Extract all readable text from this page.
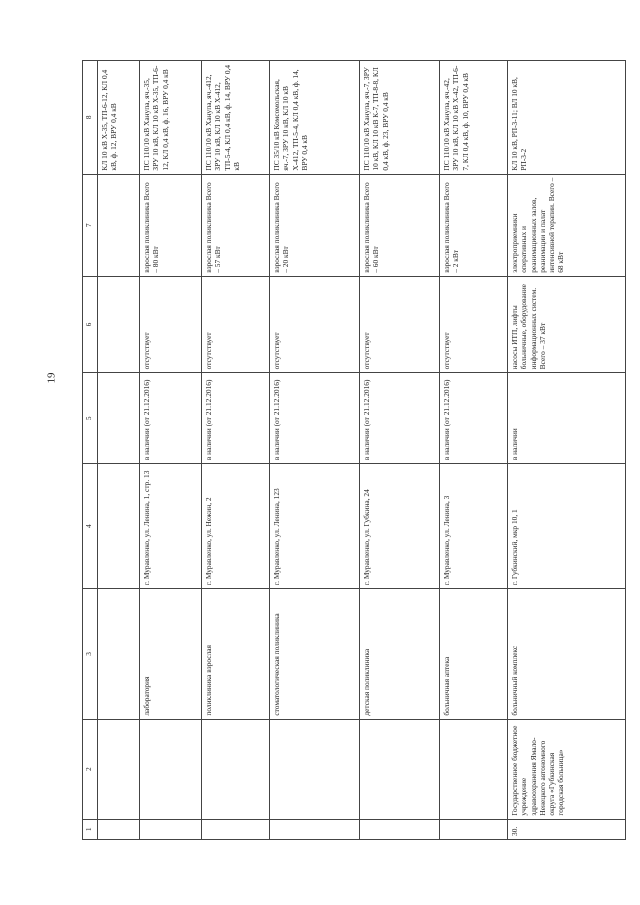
19
1	2	3	4	5	6	7	8
							КЛ 10 кВ Х-35, ТП-6-12, КЛ 0,4 кВ, ф. 12, ВРУ 0,4 кВ
		лаборатория	г. Муравленко, ул. Ленина, 1, стр. 13	в наличии (от 21.12.2016)	отсутствует	взрослая поликлиника Всего – 80 кВт	ПС 110/10 кВ Ханупа, яч.-35, ЗРУ 10 кВ, КЛ 10 кВ Х-35, ТП-6-12, КЛ 0,4 кВ, ф. 16, ВРУ 0,4 кВ
		поликлиника взрослая	г. Муравленко, ул. Нежин, 2	в наличии (от 21.12.2016)	отсутствует	взрослая поликлиника Всего – 57 кВт	ПС 110/10 кВ Ханупа, яч.-412, ЗРУ 10 кВ, КЛ 10 кВ Х-412, ТП-5-4, КЛ 0,4 кВ, ф. 14, ВРУ 0,4 кВ
		стоматологическая поликлиника	г. Муравленко, ул. Ленина, 123	в наличии (от 21.12.2016)	отсутствует	взрослая поликлиника Всего – 20 кВт	ПС 35/10 кВ Комсомольская, яч.-7, ЗРУ 10 кВ, КЛ 10 кВ Х-412, ТП-5-4, КЛ 0,4 кВ, ф. 14, ВРУ 0,4 кВ
		детская поликлиника	г. Муравленко, ул. Губкина, 24	в наличии (от 21.12.2016)	отсутствует	взрослая поликлиника Всего – 60 кВт	ПС 110/10 кВ Ханупа, яч.-7, ЗРУ 10 кВ, КЛ 10 кВ К-7, ТП-8-8, КЛ 0,4 кВ, ф. 23, ВРУ 0,4 кВ
		больничная аптека	г. Муравленко, ул. Ленина, 3	в наличии (от 21.12.2016)	отсутствует	взрослая поликлиника Всего – 2 кВт	ПС 110/10 кВ Ханупа, яч.-42, ЗРУ 10 кВ, КЛ 10 кВ Х-42, ТП-6-7, КЛ 0,4 кВ, ф. 10, ВРУ 0,4 кВ
30.	Государственное бюджетное учреждение здравоохранения Ямало-Ненецкого автономного округа «Губкинская городская больница»	больничный комплекс	г. Губкинский, мкр 10, 1	в наличии	насосы ИТП, лифты больничные, оборудование информационных систем. Всего – 37 кВт	электроприемники оперативных и реанимационных залов, реанимации и палат интенсивной терапии. Всего – 68 кВт	КЛ 10 кВ, РП-3-11; ВЛ 10 кВ, РП-3-2
